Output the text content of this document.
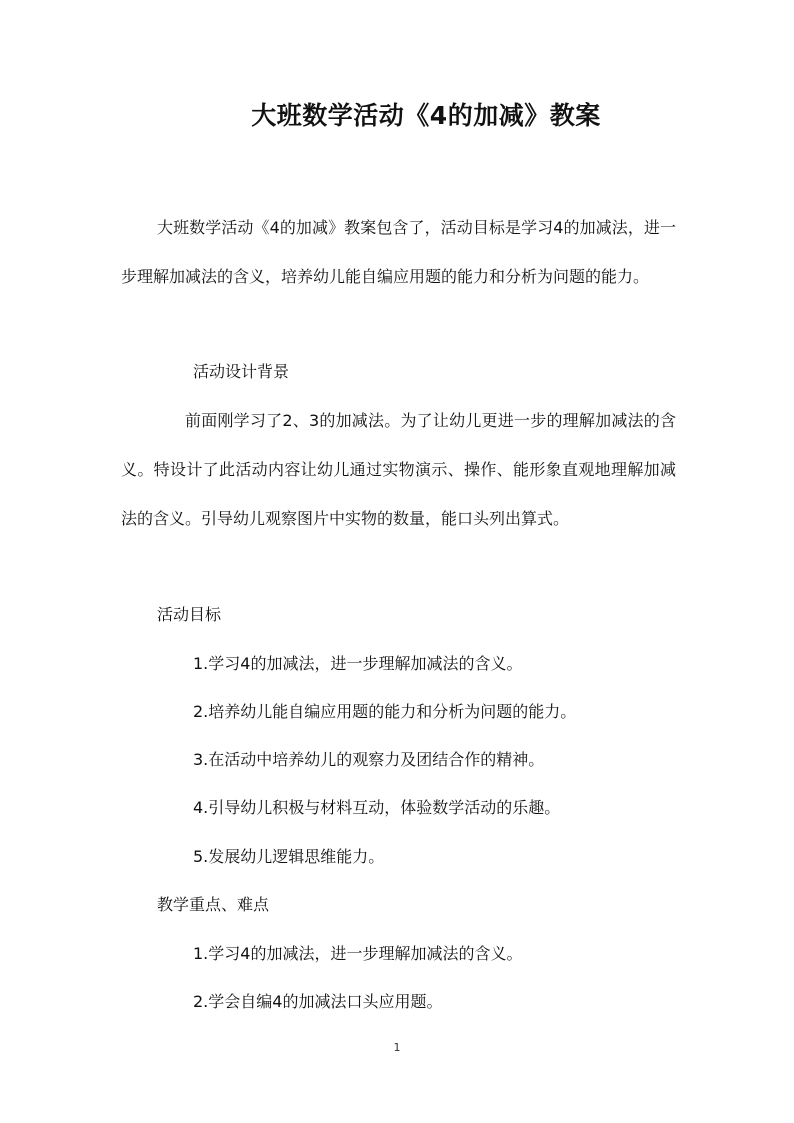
大班数学活动《4的加减》教案
大班数学活动《4的加减》教案包含了，活动目标是学习4的加减法，进一步理解加减法的含义，培养幼儿能自编应用题的能力和分析为问题的能力。
活动设计背景
前面刚学习了2、3的加减法。为了让幼儿更进一步的理解加减法的含义。特设计了此活动内容让幼儿通过实物演示、操作、能形象直观地理解加减法的含义。引导幼儿观察图片中实物的数量，能口头列出算式。
活动目标
1.学习4的加减法，进一步理解加减法的含义。
2.培养幼儿能自编应用题的能力和分析为问题的能力。
3.在活动中培养幼儿的观察力及团结合作的精神。
4.引导幼儿积极与材料互动，体验数学活动的乐趣。
5.发展幼儿逻辑思维能力。
教学重点、难点
1.学习4的加减法，进一步理解加减法的含义。
2.学会自编4的加减法口头应用题。
1
